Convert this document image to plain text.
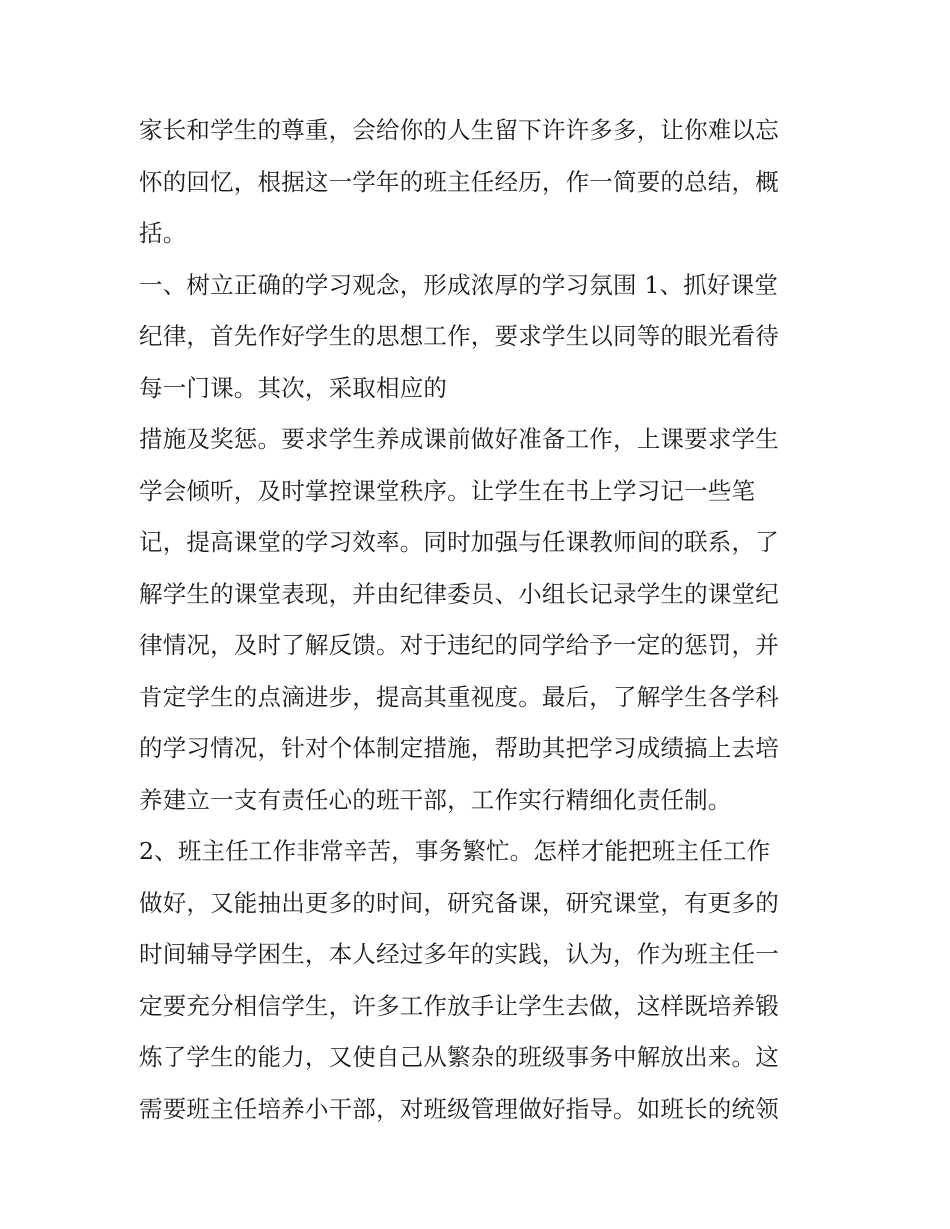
家长和学生的尊重，会给你的人生留下许许多多，让你难以忘
怀的回忆，根据这一学年的班主任经历，作一简要的总结，概
括。
一、树立正确的学习观念，形成浓厚的学习氛围 1、抓好课堂
纪律，首先作好学生的思想工作，要求学生以同等的眼光看待
每一门课。其次，采取相应的
措施及奖惩。要求学生养成课前做好准备工作，上课要求学生
学会倾听，及时掌控课堂秩序。让学生在书上学习记一些笔
记，提高课堂的学习效率。同时加强与任课教师间的联系，了
解学生的课堂表现，并由纪律委员、小组长记录学生的课堂纪
律情况，及时了解反馈。对于违纪的同学给予一定的惩罚，并
肯定学生的点滴进步，提高其重视度。最后，了解学生各学科
的学习情况，针对个体制定措施，帮助其把学习成绩搞上去培
养建立一支有责任心的班干部，工作实行精细化责任制。
2、班主任工作非常辛苦，事务繁忙。怎样才能把班主任工作
做好，又能抽出更多的时间，研究备课，研究课堂，有更多的
时间辅导学困生，本人经过多年的实践，认为，作为班主任一
定要充分相信学生，许多工作放手让学生去做，这样既培养锻
炼了学生的能力，又使自己从繁杂的班级事务中解放出来。这
需要班主任培养小干部，对班级管理做好指导。如班长的统领
